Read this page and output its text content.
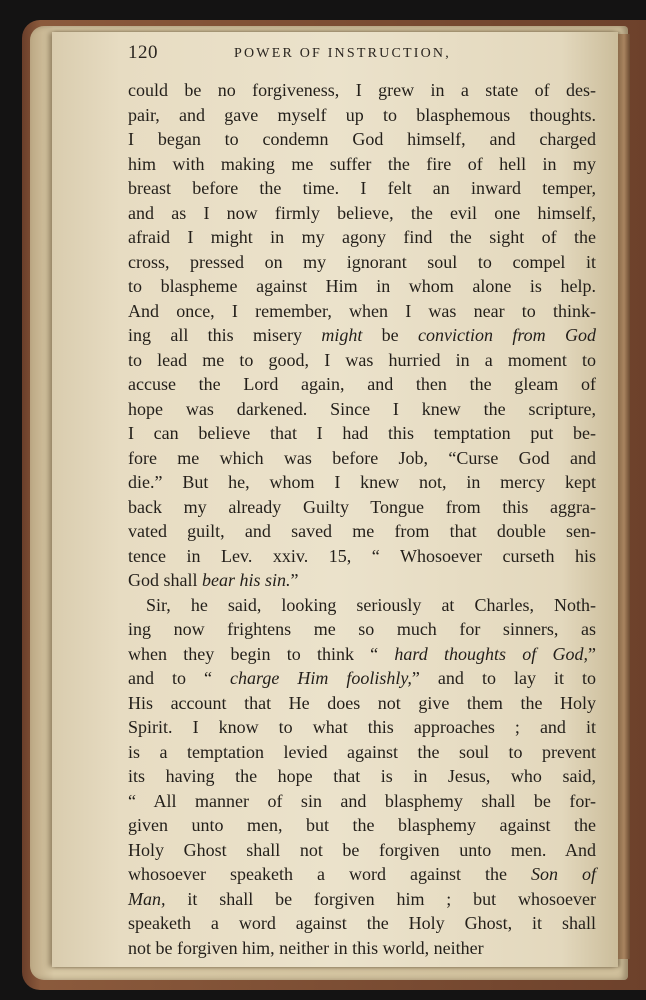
120	POWER OF INSTRUCTION,
could be no forgiveness, I grew in a state of des-
pair, and gave myself up to blasphemous thoughts.
I began to condemn God himself, and charged
him with making me suffer the fire of hell in my
breast before the time. I felt an inward temper,
and as I now firmly believe, the evil one himself,
afraid I might in my agony find the sight of the
cross, pressed on my ignorant soul to compel it
to blaspheme against Him in whom alone is help.
And once, I remember, when I was near to think-
ing all this misery might be conviction from God
to lead me to good, I was hurried in a moment to
accuse the Lord again, and then the gleam of
hope was darkened. Since I knew the scripture,
I can believe that I had this temptation put be-
fore me which was before Job, “Curse God and
die.” But he, whom I knew not, in mercy kept
back my already Guilty Tongue from this aggra-
vated guilt, and saved me from that double sen-
tence in Lev. xxiv. 15, “ Whosoever curseth his
God shall bear his sin.”
Sir, he said, looking seriously at Charles, Noth-
ing now frightens me so much for sinners, as
when they begin to think “ hard thoughts of God,”
and to “ charge Him foolishly,” and to lay it to
His account that He does not give them the Holy
Spirit. I know to what this approaches ; and it
is a temptation levied against the soul to prevent
its having the hope that is in Jesus, who said,
“ All manner of sin and blasphemy shall be for-
given unto men, but the blasphemy against the
Holy Ghost shall not be forgiven unto men. And
whosoever speaketh a word against the Son of
Man, it shall be forgiven him ; but whosoever
speaketh a word against the Holy Ghost, it shall
not be forgiven him, neither in this world, neither
